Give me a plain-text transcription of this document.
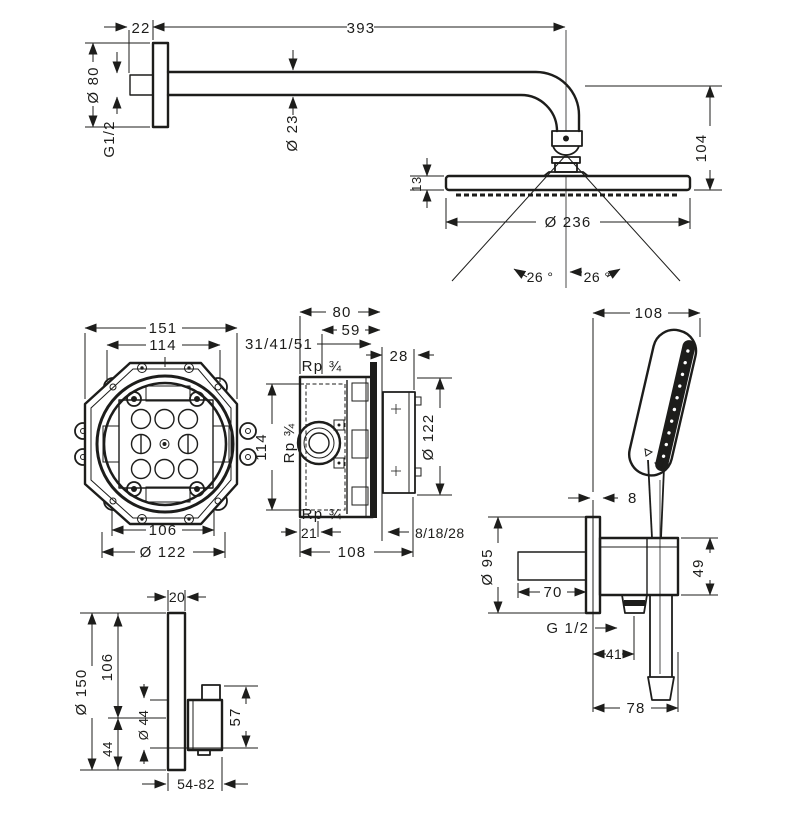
22	393
Ø 80
G1/2	Ø 23	104
13
Ø 236
26 ° 26 °
151
114
106
Ø 122
80
59
31/41/51
28
Rp ¾
114 Rp ¾	Ø 122
Rp ¾
21	8/18/28
108
108
8
Ø 95
70
49
G 1/2
41
78
20
Ø 150
106
44
Ø 44	57
54-82
